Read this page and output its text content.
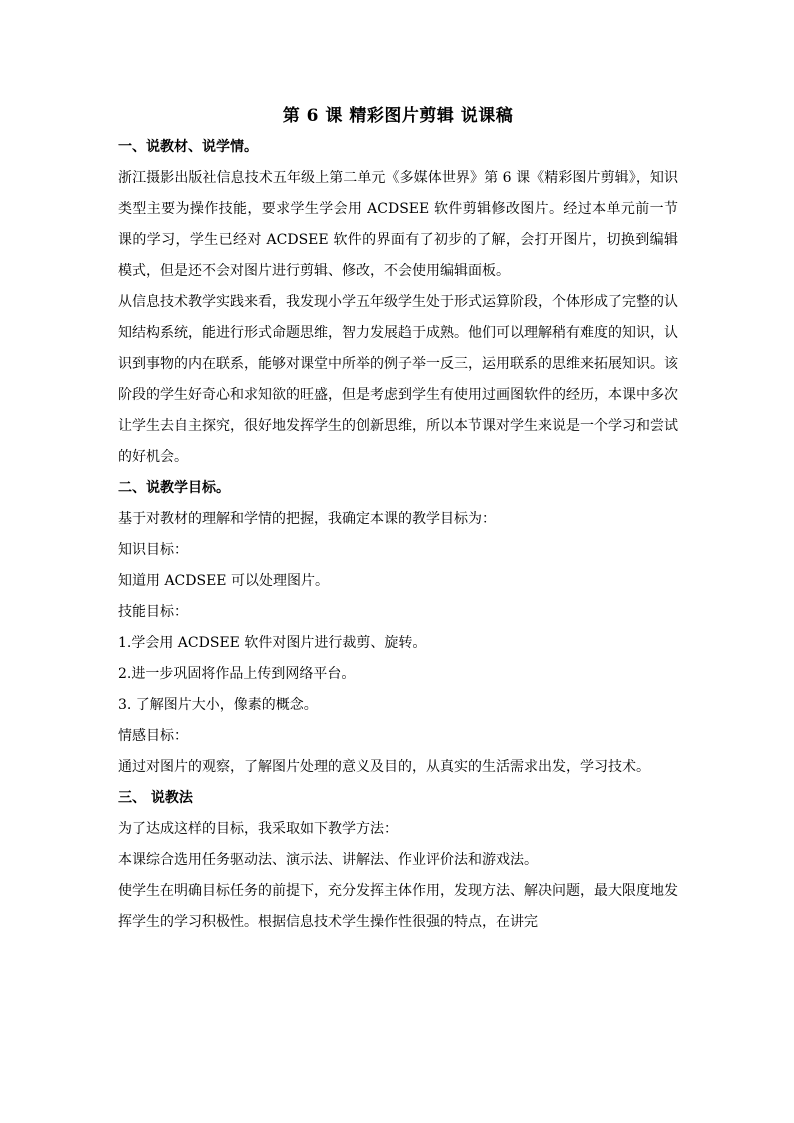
第 6 课 精彩图片剪辑 说课稿
一、说教材、说学情。

浙江摄影出版社信息技术五年级上第二单元《多媒体世界》第 6 课《精彩图片剪辑》，知识类型主要为操作技能，要求学生学会用 ACDSEE 软件剪辑修改图片。经过本单元前一节课的学习，学生已经对 ACDSEE 软件的界面有了初步的了解，会打开图片，切换到编辑模式，但是还不会对图片进行剪辑、修改，不会使用编辑面板。

从信息技术教学实践来看，我发现小学五年级学生处于形式运算阶段，个体形成了完整的认知结构系统，能进行形式命题思维，智力发展趋于成熟。他们可以理解稍有难度的知识，认识到事物的内在联系，能够对课堂中所举的例子举一反三，运用联系的思维来拓展知识。该阶段的学生好奇心和求知欲的旺盛，但是考虑到学生有使用过画图软件的经历，本课中多次让学生去自主探究，很好地发挥学生的创新思维，所以本节课对学生来说是一个学习和尝试的好机会。

二、说教学目标。

基于对教材的理解和学情的把握，我确定本课的教学目标为：

知识目标：

知道用 ACDSEE 可以处理图片。

技能目标：

1.学会用 ACDSEE 软件对图片进行裁剪、旋转。

2.进一步巩固将作品上传到网络平台。

3. 了解图片大小，像素的概念。

情感目标：

通过对图片的观察，了解图片处理的意义及目的，从真实的生活需求出发，学习技术。

三、 说教法

为了达成这样的目标，我采取如下教学方法：

本课综合选用任务驱动法、演示法、讲解法、作业评价法和游戏法。

使学生在明确目标任务的前提下，充分发挥主体作用，发现方法、解决问题，最大限度地发挥学生的学习积极性。根据信息技术学生操作性很强的特点，在讲完
